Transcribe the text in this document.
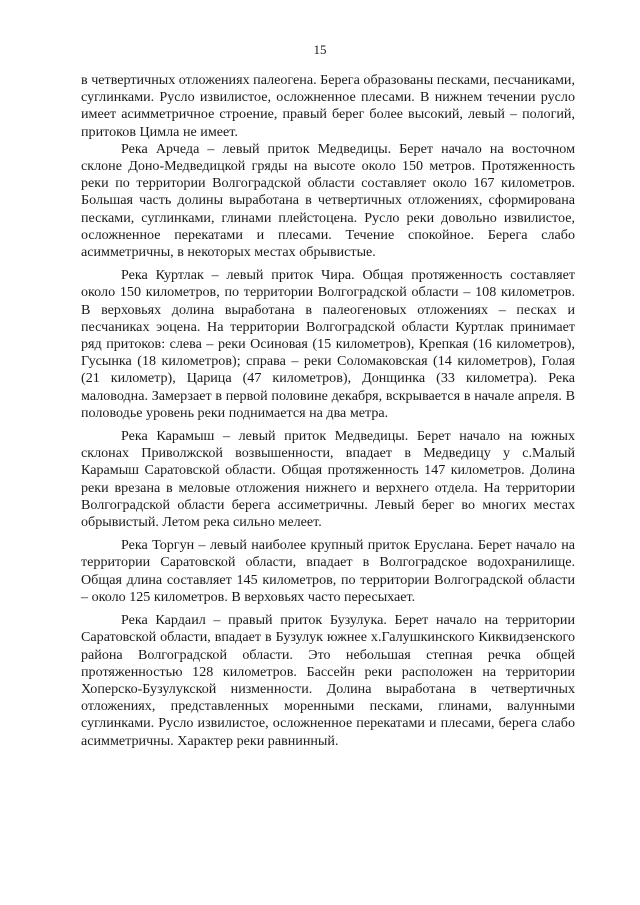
15

в четвертичных отложениях палеогена. Берега образованы песками, песчаниками, суглинками. Русло извилистое, осложненное плесами. В нижнем течении русло имеет асимметричное строение, правый берег более высокий, левый – пологий, притоков Цимла не имеет.

Река Арчеда – левый приток Медведицы. Берет начало на восточном склоне Доно-Медведицкой гряды на высоте около 150 метров. Протяженность реки по территории Волгоградской области составляет около 167 километров. Большая часть долины выработана в четвертичных отложениях, сформирована песками, суглинками, глинами плейстоцена. Русло реки довольно извилистое, осложненное перекатами и плесами. Течение спокойное. Берега слабо асимметричны, в некоторых местах обрывистые.

Река Куртлак – левый приток Чира. Общая протяженность составляет около 150 километров, по территории Волгоградской области – 108 километров. В верховьях долина выработана в палеогеновых отложениях – песках и песчаниках эоцена. На территории Волгоградской области Куртлак принимает ряд притоков: слева – реки Осиновая (15 километров), Крепкая (16 километров), Гусынка (18 километров); справа – реки Соломаковская (14 километров), Голая (21 километр), Царица (47 километров), Донщинка (33 километра). Река маловодна. Замерзает в первой половине декабря, вскрывается в начале апреля. В половодье уровень реки поднимается на два метра.

Река Карамыш – левый приток Медведицы. Берет начало на южных склонах Приволжской возвышенности, впадает в Медведицу у с.Малый Карамыш Саратовской области. Общая протяженность 147 километров. Долина реки врезана в меловые отложения нижнего и верхнего отдела. На территории Волгоградской области берега ассиметричны. Левый берег во многих местах обрывистый. Летом река сильно мелеет.

Река Торгун – левый наиболее крупный приток Еруслана. Берет начало на территории Саратовской области, впадает в Волгоградское водохранилище. Общая длина составляет 145 километров, по территории Волгоградской области – около 125 километров. В верховьях часто пересыхает.

Река Кардаил – правый приток Бузулука. Берет начало на территории Саратовской области, впадает в Бузулук южнее х.Галушкинского Киквидзенского района Волгоградской области. Это небольшая степная речка общей протяженностью 128 километров. Бассейн реки расположен на территории Хоперско-Бузулукской низменности. Долина выработана в четвертичных отложениях, представленных моренными песками, глинами, валунными суглинками. Русло извилистое, осложненное перекатами и плесами, берега слабо асимметричны. Характер реки равнинный.
